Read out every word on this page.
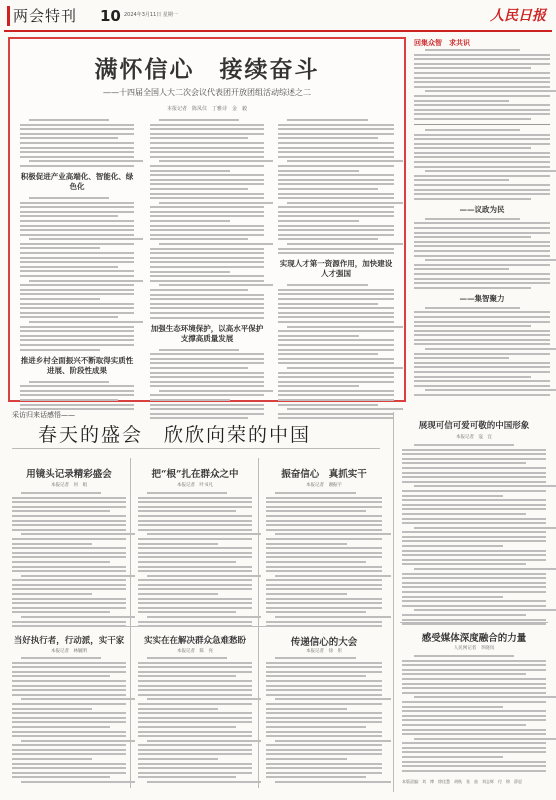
两会特刊 10 2024年3月11日 星期一	人民日报
满怀信心　接续奋斗
——十四届全国人大二次会议代表团开放团组活动综述之二
本报记者　陈凤仪　丁雅诗　金　毅
积极促进产业高端化、智能化、绿色化
推进乡村全面振兴不断取得实质性进展、阶段性成果
加强生态环境保护，以高水平保护支撑高质量发展
实现人才第一资源作用，加快建设人才强国
回集众智　求共识
——议政为民
——集智聚力
采访归来话感悟——
春天的盛会　欣欣向荣的中国
用镜头记录精彩盛会
本报记者　何　娟
把“根”扎在群众之中
本报记者　叶书凡
振奋信心　真抓实干
本报记者　谢振宇
展现可信可爱可敬的中国形象
本报记者　寇　宜
当好执行者，行动派，实干家
本报记者　林毓明
实实在在解决群众急难愁盼
本报记者　陈　亮
传递信心的大会
本报记者　徐　彤
感受媒体深度融合的力量
人民网记者　李晓岚
本版责编：刘　博　徐佳慧　胡秋　张　喆　刘志辉　付　锦　薛思
